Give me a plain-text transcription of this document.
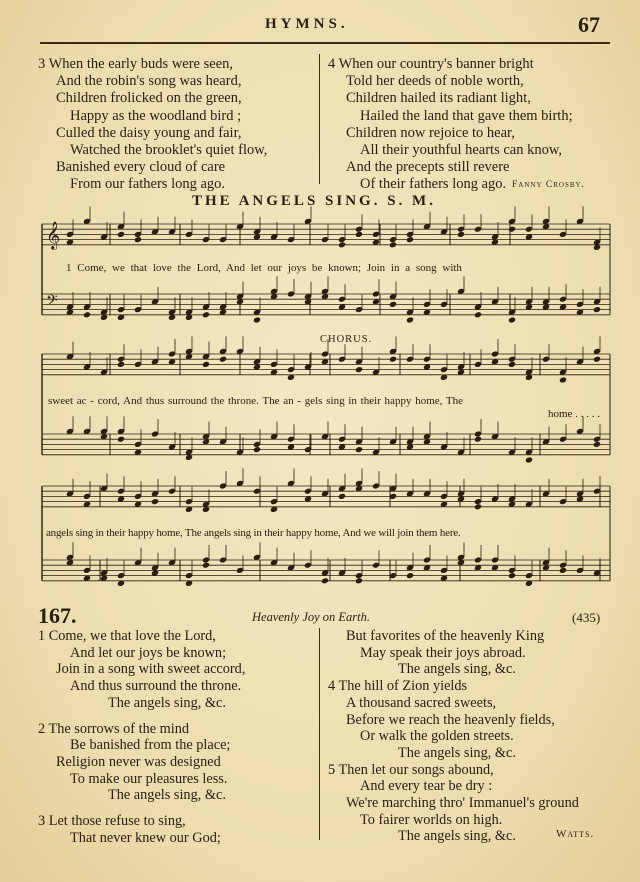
HYMNS.	67
3 When the early buds were seen,
And the robin's song was heard,
Children frolicked on the green,
Happy as the woodland bird ;
Culled the daisy young and fair,
Watched the brooklet's quiet flow,
Banished every cloud of care
From our fathers long ago.
4 When our country's banner bright
Told her deeds of noble worth,
Children hailed its radiant light,
Hailed the land that gave them birth;
Children now rejoice to hear,
All their youthful hearts can know,
And the precepts still revere
Of their fathers long ago. Fanny Crosby.
THE ANGELS SING. S. M.
𝄞
𝄢
1 Come, we that love the Lord, And let our joys be known; Join in a song with
CHORUS.
sweet ac - cord, And thus surround the throne. The an - gels sing in their happy home, The
home . . . . .
angels sing in their happy home, The angels sing in their happy home, And we will join them here.
167.	Heavenly Joy on Earth.	(435)
1 Come, we that love the Lord,
And let our joys be known;
Join in a song with sweet accord,
And thus surround the throne.
The angels sing, &c.
2 The sorrows of the mind
Be banished from the place;
Religion never was designed
To make our pleasures less.
The angels sing, &c.
3 Let those refuse to sing,
That never knew our God;
But favorites of the heavenly King
May speak their joys abroad.
The angels sing, &c.
4 The hill of Zion yields
A thousand sacred sweets,
Before we reach the heavenly fields,
Or walk the golden streets.
The angels sing, &c.
5 Then let our songs abound,
And every tear be dry :
We're marching thro' Immanuel's ground
To fairer worlds on high.
The angels sing, &c.	Watts.
